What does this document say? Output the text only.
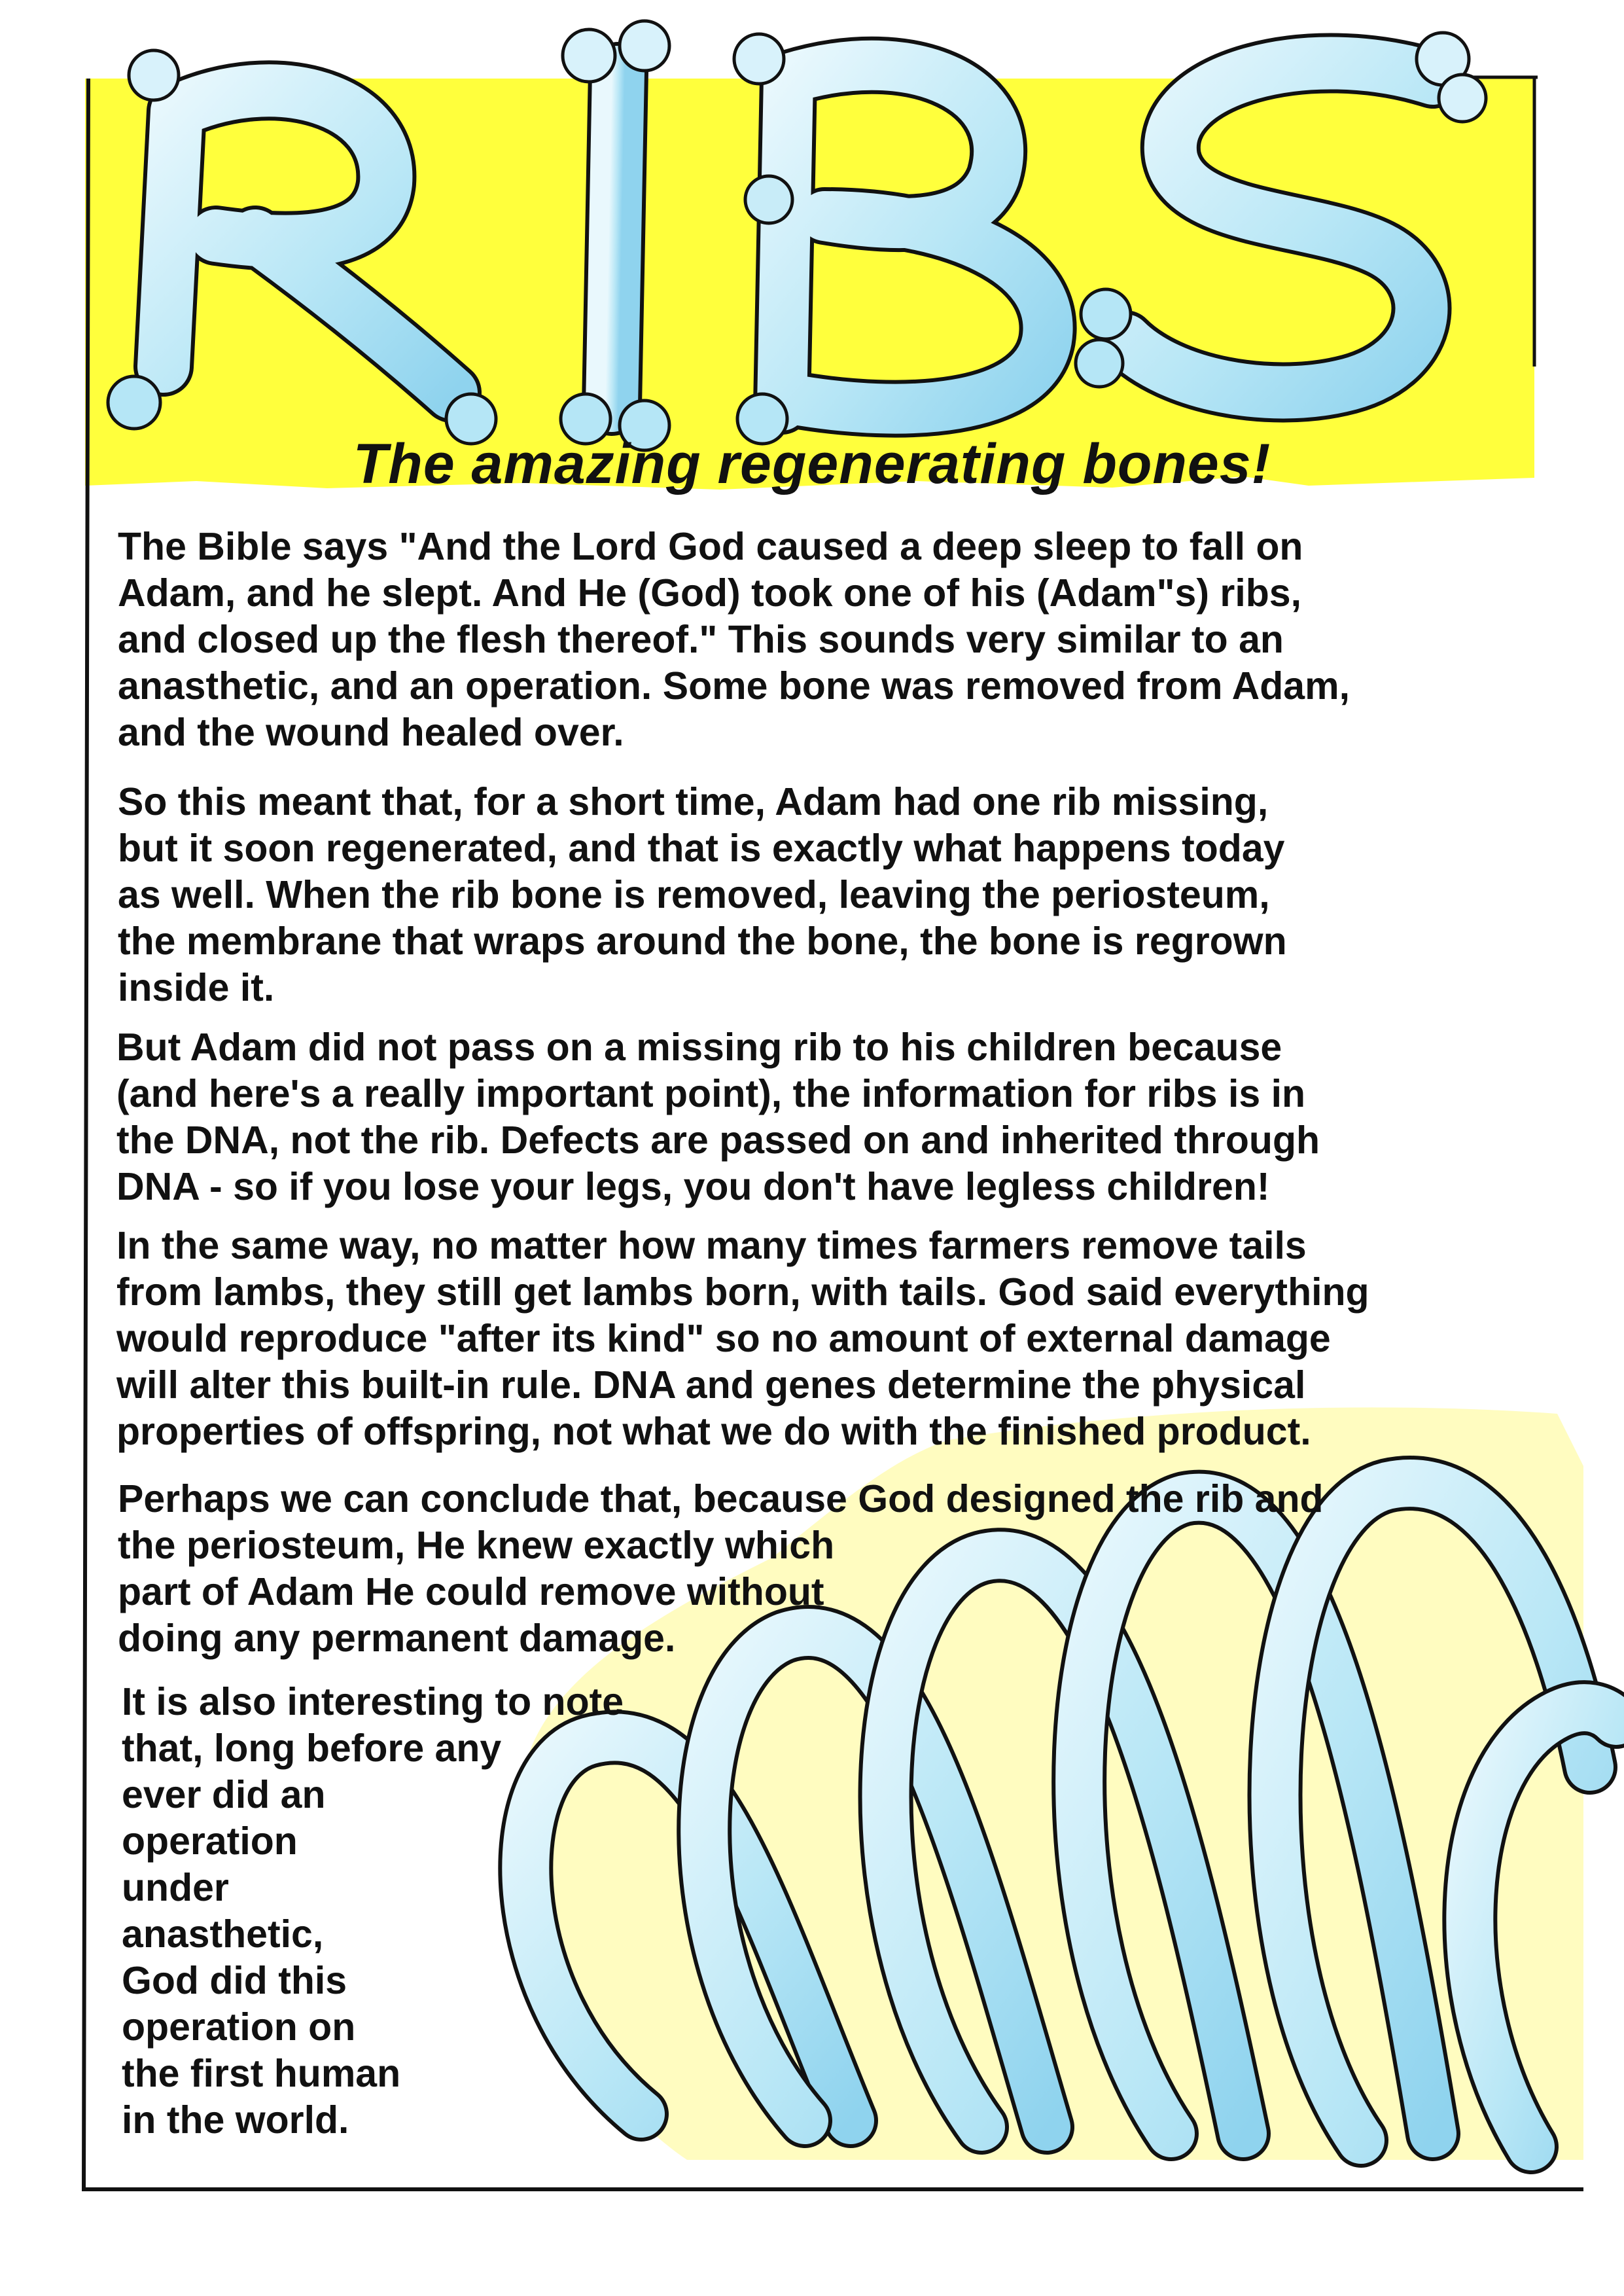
The amazing regenerating bones!
The Bible says "And the Lord God caused a deep sleep to fall on
Adam, and he slept. And He (God) took one of his (Adam"s) ribs,
and closed up the flesh thereof." This sounds very similar to an
anasthetic, and an operation. Some bone was removed from Adam,
and the wound healed over.
So this meant that, for a short time, Adam had one rib missing,
but it soon regenerated, and that is exactly what happens today
as well. When the rib bone is removed, leaving the periosteum,
the membrane that wraps around the bone, the bone is regrown
inside it.
But Adam did not pass on a missing rib to his children because
(and here's a really important point), the information for ribs is in
the DNA, not the rib. Defects are passed on and inherited through
DNA - so if you lose your legs, you don't have legless children!
In the same way, no matter how many times farmers remove tails
from lambs, they still get lambs born, with tails. God said everything
would reproduce "after its kind" so no amount of external damage
will alter this built-in rule. DNA and genes determine the physical
properties of offspring, not what we do with the finished product.
Perhaps we can conclude that, because God designed the rib and
the periosteum, He knew exactly which
part of Adam He could remove without
doing any permanent damage.
It is also interesting to note
that, long before any
ever did an
operation
under
anasthetic,
God did this
operation on
the first human
in the world.
